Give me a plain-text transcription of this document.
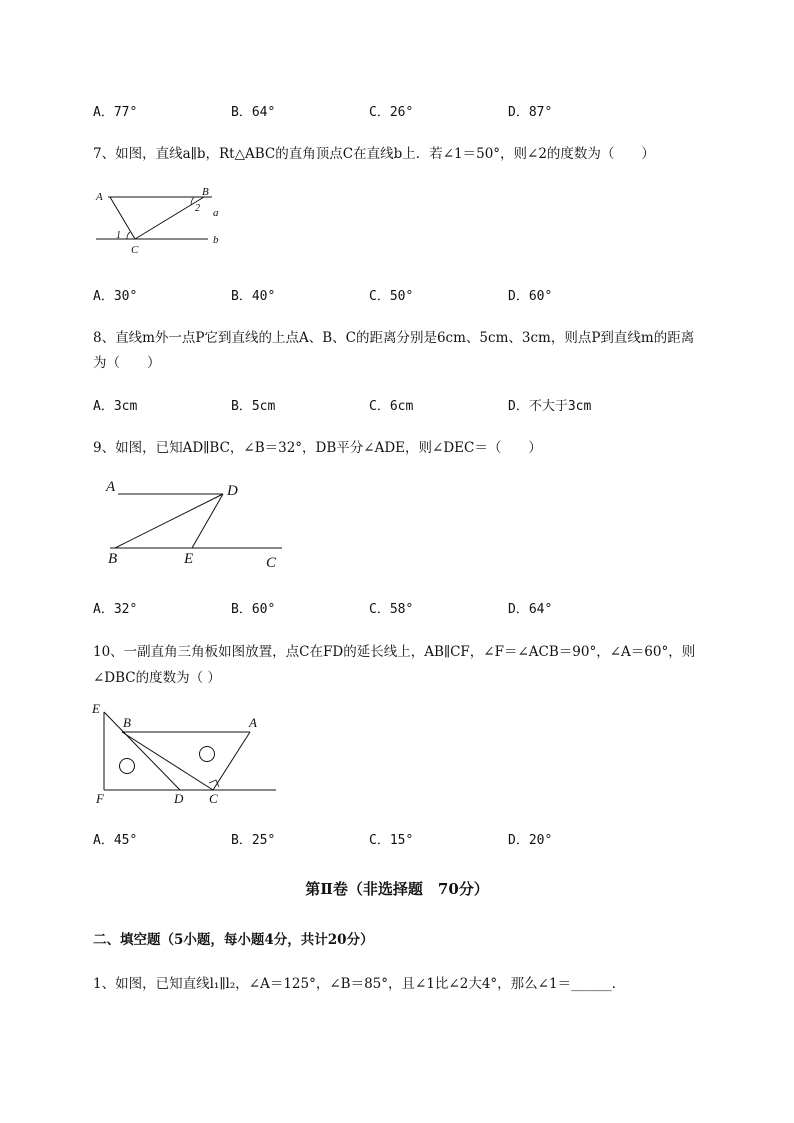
A．77°	B．64°	C．26°	D．87°
7、如图，直线a∥b，Rt△ABC的直角顶点C在直线b上．若∠1＝50°，则∠2的度数为（　　）
A	B
C
a
b
1
2
A．30°	B．40°	C．50°	D．60°
8、直线m外一点P它到直线的上点A、B、C的距离分别是6cm、5cm、3cm，则点P到直线m的距离
为（　　）
A．3cm	B．5cm	C．6cm	D．不大于3cm
9、如图，已知AD∥BC，∠B＝32°，DB平分∠ADE，则∠DEC＝（　　）
A	D
B	E	C
A．32°	B．60°	C．58°	D．64°
10、一副直角三角板如图放置，点C在FD的延长线上，AB∥CF，∠F＝∠ACB＝90°，∠A＝60°，则
∠DBC的度数为（ ）
E
B	A
F	D C
A．45°	B．25°	C．15°	D．20°
第Ⅱ卷（非选择题　70分）
二、填空题（5小题，每小题4分，共计20分）
1、如图，已知直线l₁∥l₂，∠A＝125°，∠B＝85°，且∠1比∠2大4°，那么∠1＝______.
